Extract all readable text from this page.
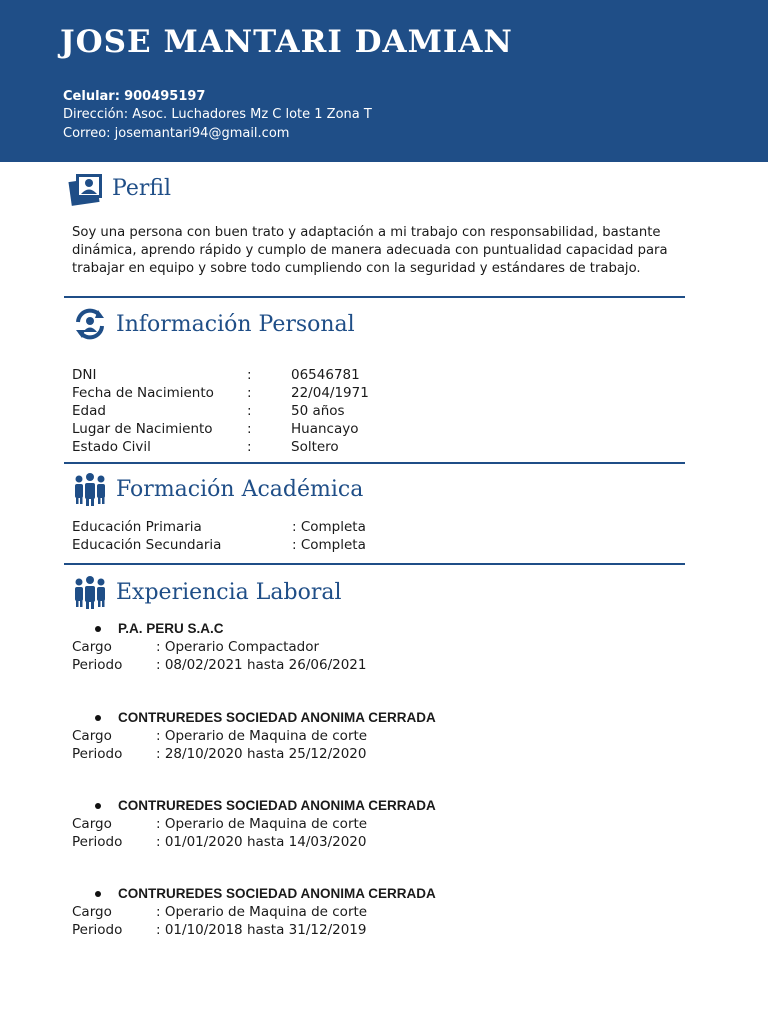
JOSE MANTARI DAMIAN
Celular: 900495197
Dirección: Asoc. Luchadores Mz C lote 1 Zona T
Correo: josemantari94@gmail.com
Perfil

Soy una persona con buen trato y adaptación a mi trabajo con responsabilidad, bastante dinámica, aprendo rápido y cumplo de manera adecuada con puntualidad capacidad para trabajar en equipo y sobre todo cumpliendo con la seguridad y estándares de trabajo.

Información Personal
DNI	:	06546781
Fecha de Nacimiento	:	22/04/1971
Edad	:	50 años
Lugar de Nacimiento	:	Huancayo
Estado Civil	:	Soltero
Formación Académica
Educación Primaria	: Completa
Educación Secundaria	: Completa
Experiencia Laboral
P.A. PERU S.A.C
Cargo	: Operario Compactador
Periodo	: 08/02/2021 hasta 26/06/2021
CONTRUREDES SOCIEDAD ANONIMA CERRADA
Cargo	: Operario de Maquina de corte
Periodo	: 28/10/2020 hasta 25/12/2020
CONTRUREDES SOCIEDAD ANONIMA CERRADA
Cargo	: Operario de Maquina de corte
Periodo	: 01/01/2020 hasta 14/03/2020
CONTRUREDES SOCIEDAD ANONIMA CERRADA
Cargo	: Operario de Maquina de corte
Periodo	: 01/10/2018 hasta 31/12/2019
